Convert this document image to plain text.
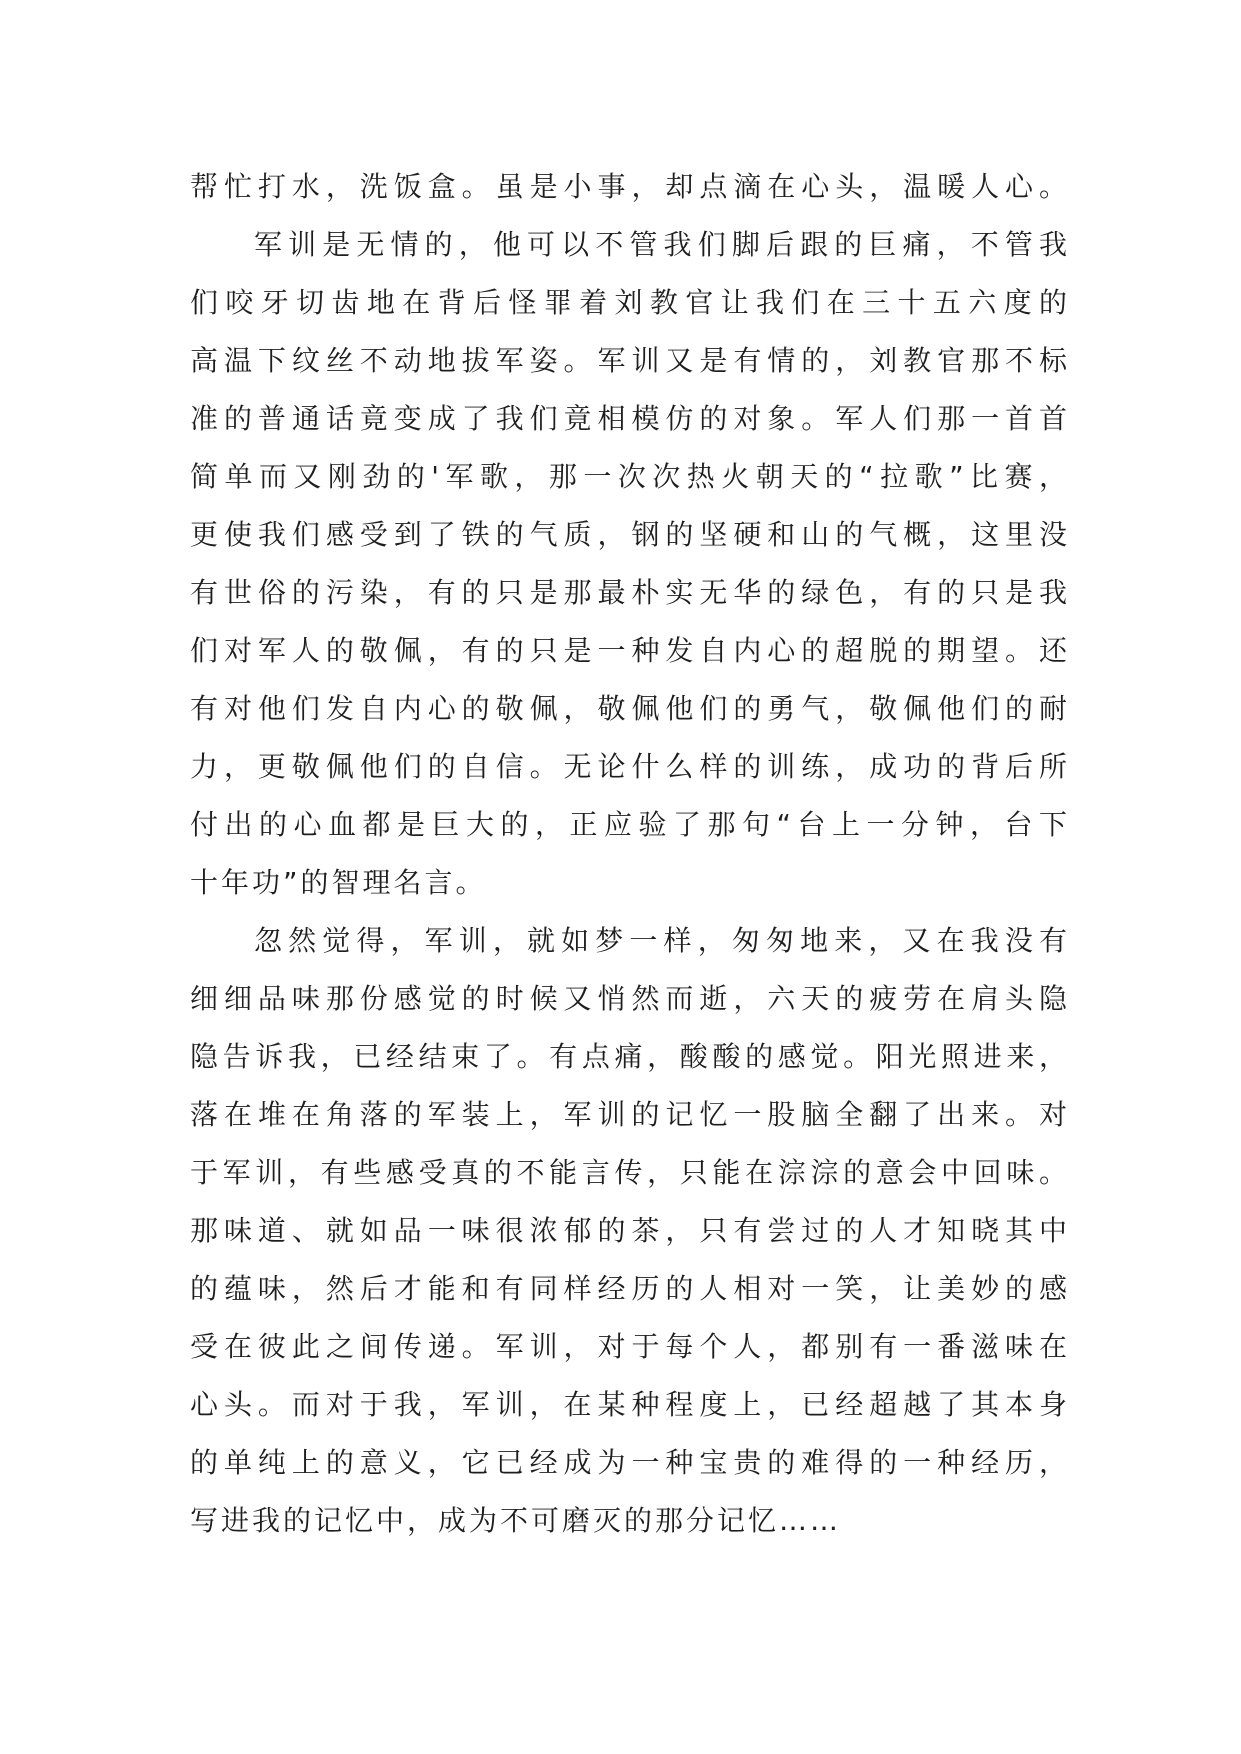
帮忙打水，洗饭盒。虽是小事，却点滴在心头，温暖人心。
军训是无情的，他可以不管我们脚后跟的巨痛，不管我
们咬牙切齿地在背后怪罪着刘教官让我们在三十五六度的
高温下纹丝不动地拔军姿。军训又是有情的，刘教官那不标
准的普通话竟变成了我们竟相模仿的对象。军人们那一首首
简单而又刚劲的'军歌，那一次次热火朝天的“拉歌”比赛，
更使我们感受到了铁的气质，钢的坚硬和山的气概，这里没
有世俗的污染，有的只是那最朴实无华的绿色，有的只是我
们对军人的敬佩，有的只是一种发自内心的超脱的期望。还
有对他们发自内心的敬佩，敬佩他们的勇气，敬佩他们的耐
力，更敬佩他们的自信。无论什么样的训练，成功的背后所
付出的心血都是巨大的，正应验了那句“台上一分钟，台下
十年功”的智理名言。
忽然觉得，军训，就如梦一样，匆匆地来，又在我没有
细细品味那份感觉的时候又悄然而逝，六天的疲劳在肩头隐
隐告诉我，已经结束了。有点痛，酸酸的感觉。阳光照进来，
落在堆在角落的军装上，军训的记忆一股脑全翻了出来。对
于军训，有些感受真的不能言传，只能在淙淙的意会中回味。
那味道、就如品一味很浓郁的茶，只有尝过的人才知晓其中
的蕴味，然后才能和有同样经历的人相对一笑，让美妙的感
受在彼此之间传递。军训，对于每个人，都别有一番滋味在
心头。而对于我，军训，在某种程度上，已经超越了其本身
的单纯上的意义，它已经成为一种宝贵的难得的一种经历，
写进我的记忆中，成为不可磨灭的那分记忆……
